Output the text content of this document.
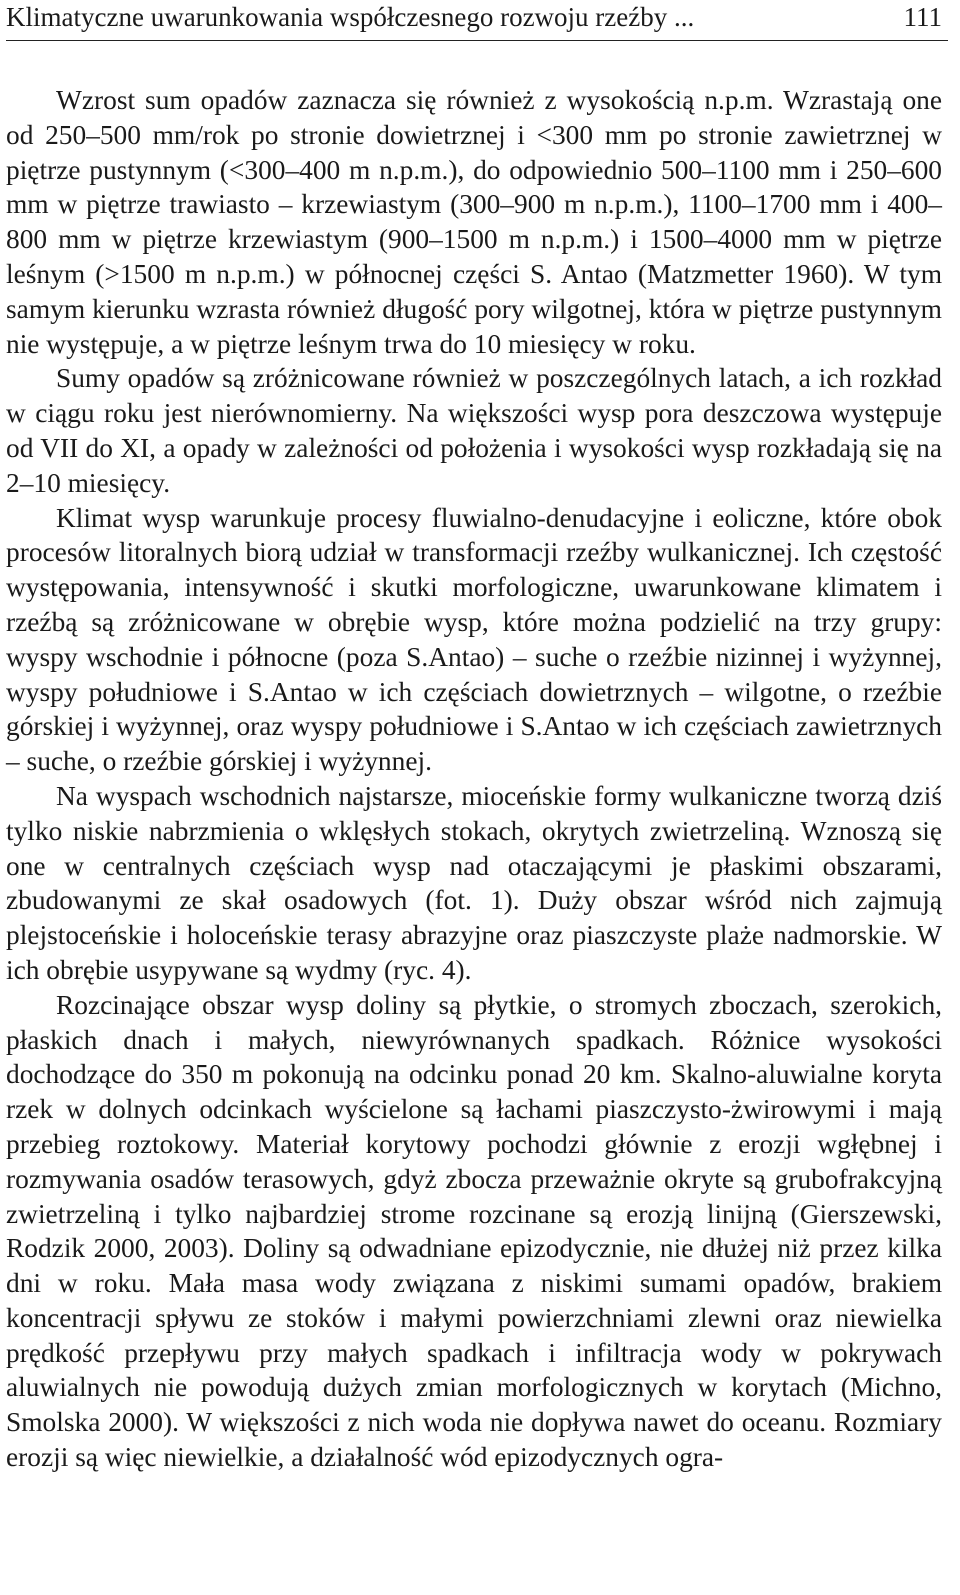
Klimatyczne uwarunkowania współczesnego rozwoju rzeźby ...	111

Wzrost sum opadów zaznacza się również z wysokością n.p.m. Wzrastają one od 250–500 mm/rok po stronie dowietrznej i <300 mm po stronie zawietrznej w piętrze pustynnym (<300–400 m n.p.m.), do odpowiednio 500–1100 mm i 250–600 mm w piętrze trawiasto – krzewiastym (300–900 m n.p.m.), 1100–1700 mm i 400–800 mm w piętrze krzewiastym (900–1500 m n.p.m.) i 1500–4000 mm w piętrze leśnym (>1500 m n.p.m.) w północnej części S. Antao (Matzmetter 1960). W tym samym kierunku wzrasta również długość pory wilgotnej, która w piętrze pustynnym nie występuje, a w piętrze leśnym trwa do 10 miesięcy w roku.

Sumy opadów są zróżnicowane również w poszczególnych latach, a ich rozkład w ciągu roku jest nierównomierny. Na większości wysp pora deszczowa występuje od VII do XI, a opady w zależności od położenia i wysokości wysp rozkładają się na 2–10 miesięcy.

Klimat wysp warunkuje procesy fluwialno-denudacyjne i eoliczne, które obok procesów litoralnych biorą udział w transformacji rzeźby wulkanicznej. Ich częstość występowania, intensywność i skutki morfologiczne, uwarunkowane klimatem i rzeźbą są zróżnicowane w obrębie wysp, które można podzielić na trzy grupy: wyspy wschodnie i północne (poza S.Antao) – suche o rzeźbie nizinnej i wyżynnej, wyspy południowe i S.Antao w ich częściach dowietrznych – wilgotne, o rzeźbie górskiej i wyżynnej, oraz wyspy południowe i S.Antao w ich częściach zawietrznych – suche, o rzeźbie górskiej i wyżynnej.

Na wyspach wschodnich najstarsze, mioceńskie formy wulkaniczne tworzą dziś tylko niskie nabrzmienia o wklęsłych stokach, okrytych zwietrzeliną. Wznoszą się one w centralnych częściach wysp nad otaczającymi je płaskimi obszarami, zbudowanymi ze skał osadowych (fot. 1). Duży obszar wśród nich zajmują plejstoceńskie i holoceńskie terasy abrazyjne oraz piaszczyste plaże nadmorskie. W ich obrębie usypywane są wydmy (ryc. 4).

Rozcinające obszar wysp doliny są płytkie, o stromych zboczach, szerokich, płaskich dnach i małych, niewyrównanych spadkach. Różnice wysokości dochodzące do 350 m pokonują na odcinku ponad 20 km. Skalno-aluwialne koryta rzek w dolnych odcinkach wyścielone są łachami piaszczysto-żwirowymi i mają przebieg roztokowy. Materiał korytowy pochodzi głównie z erozji wgłębnej i rozmywania osadów terasowych, gdyż zbocza przeważnie okryte są grubofrakcyjną zwietrzeliną i tylko najbardziej strome rozcinane są erozją linijną (Gierszewski, Rodzik 2000, 2003). Doliny są odwadniane epizodycznie, nie dłużej niż przez kilka dni w roku. Mała masa wody związana z niskimi sumami opadów, brakiem koncentracji spływu ze stoków i małymi powierzchniami zlewni oraz niewielka prędkość przepływu przy małych spadkach i infiltracja wody w pokrywach aluwialnych nie powodują dużych zmian morfologicznych w korytach (Michno, Smolska 2000). W większości z nich woda nie dopływa nawet do oceanu. Rozmiary erozji są więc niewielkie, a działalność wód epizodycznych ogra-
